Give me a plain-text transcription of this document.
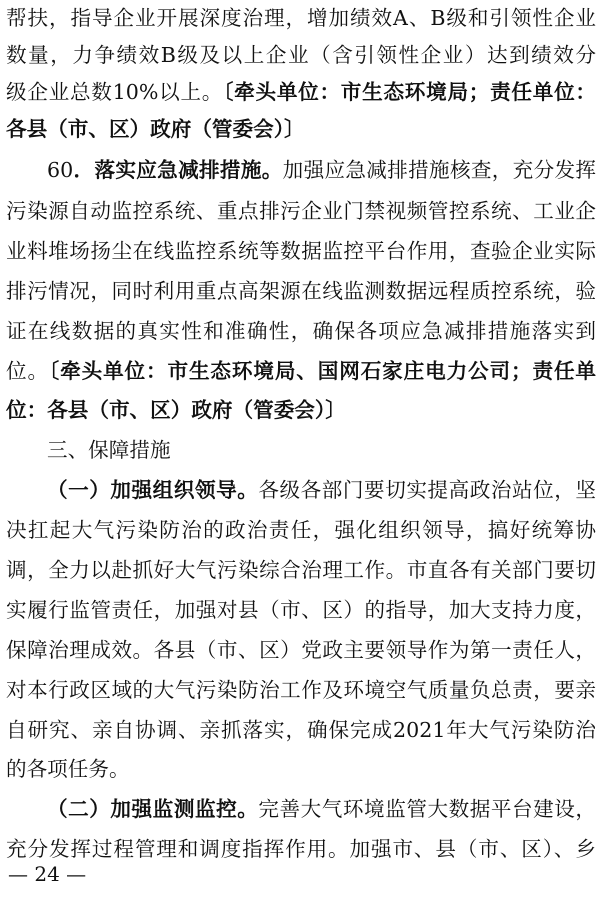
帮扶，指导企业开展深度治理，增加绩效A、B级和引领性企业
数量，力争绩效B级及以上企业（含引领性企业）达到绩效分
级企业总数10%以上。〔牵头单位：市生态环境局；责任单位：
各县（市、区）政府（管委会）〕
60．落实应急减排措施。加强应急减排措施核查，充分发挥
污染源自动监控系统、重点排污企业门禁视频管控系统、工业企
业料堆场扬尘在线监控系统等数据监控平台作用，查验企业实际
排污情况，同时利用重点高架源在线监测数据远程质控系统，验
证在线数据的真实性和准确性，确保各项应急减排措施落实到
位。〔牵头单位：市生态环境局、国网石家庄电力公司；责任单
位：各县（市、区）政府（管委会）〕
三、保障措施
（一）加强组织领导。各级各部门要切实提高政治站位，坚
决扛起大气污染防治的政治责任，强化组织领导，搞好统筹协
调，全力以赴抓好大气污染综合治理工作。市直各有关部门要切
实履行监管责任，加强对县（市、区）的指导，加大支持力度，
保障治理成效。各县（市、区）党政主要领导作为第一责任人，
对本行政区域的大气污染防治工作及环境空气质量负总责，要亲
自研究、亲自协调、亲抓落实，确保完成2021年大气污染防治
的各项任务。
（二）加强监测监控。完善大气环境监管大数据平台建设，
充分发挥过程管理和调度指挥作用。加强市、县（市、区）、乡
— 24 —
